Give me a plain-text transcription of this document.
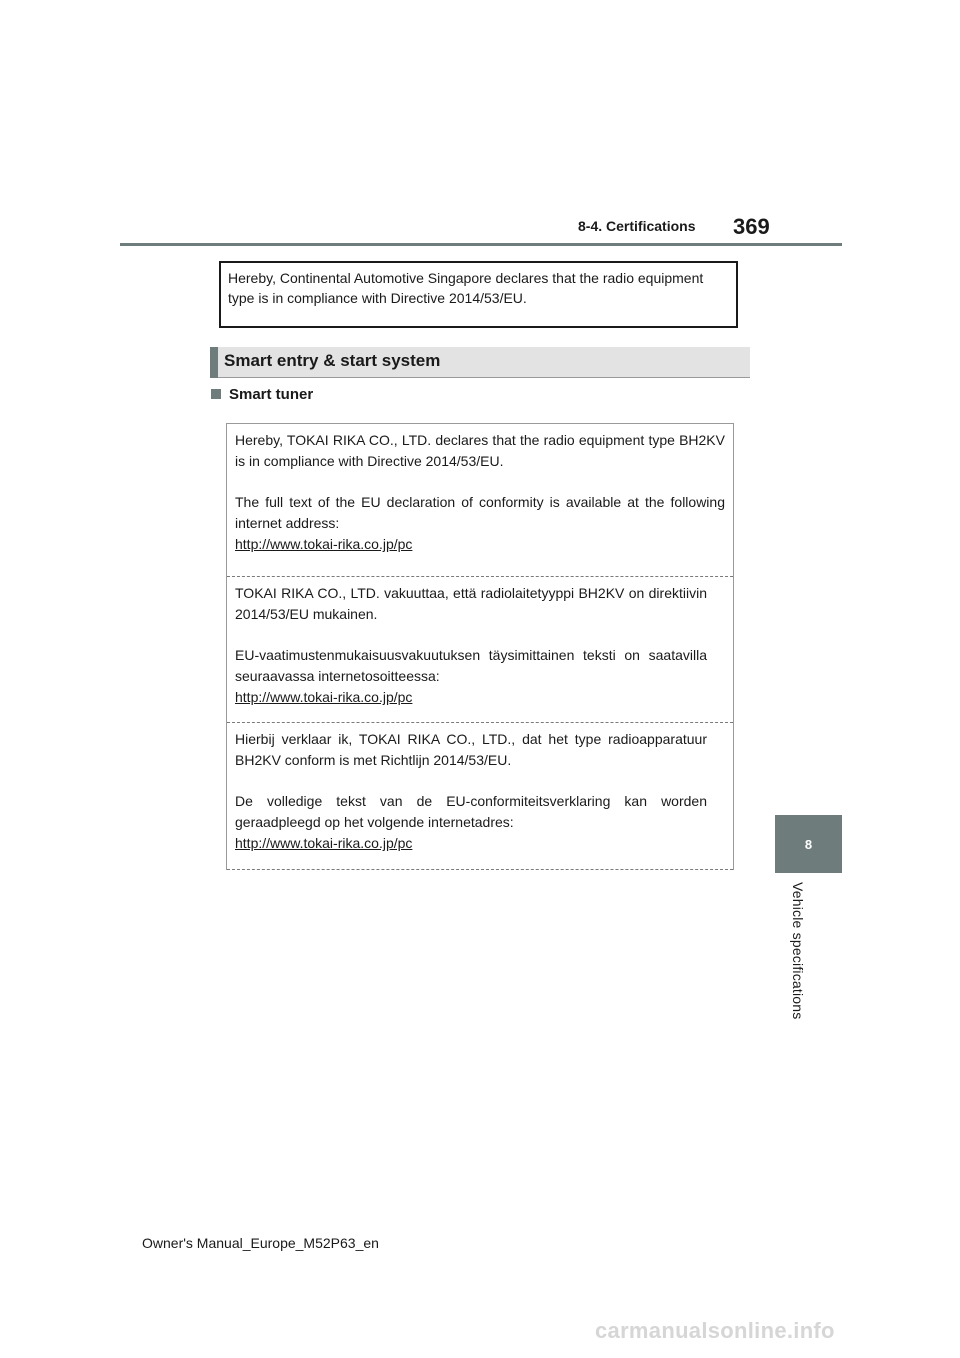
8-4. Certifications 369
Hereby, Continental Automotive Singapore declares that the radio equipment type is in compliance with Directive 2014/53/EU.
Smart entry & start system
Smart tuner

Hereby, TOKAI RIKA CO., LTD. declares that the radio equipment type BH2KV is in compliance with Directive 2014/53/EU.

The full text of the EU declaration of conformity is available at the following internet address:

http://www.tokai-rika.co.jp/pc

TOKAI RIKA CO., LTD. vakuuttaa, että radiolaitetyyppi BH2KV on direktiivin 2014/53/EU mukainen.

EU-vaatimustenmukaisuusvakuutuksen täysimittainen teksti on saatavilla seuraavassa internetosoitteessa:

http://www.tokai-rika.co.jp/pc

Hierbij verklaar ik, TOKAI RIKA CO., LTD., dat het type radioapparatuur BH2KV conform is met Richtlijn 2014/53/EU.

De volledige tekst van de EU-conformiteitsverklaring kan worden geraadpleegd op het volgende internetadres:

http://www.tokai-rika.co.jp/pc	8
Vehicle specifications
Owner's Manual_Europe_M52P63_en
carmanualsonline.info
